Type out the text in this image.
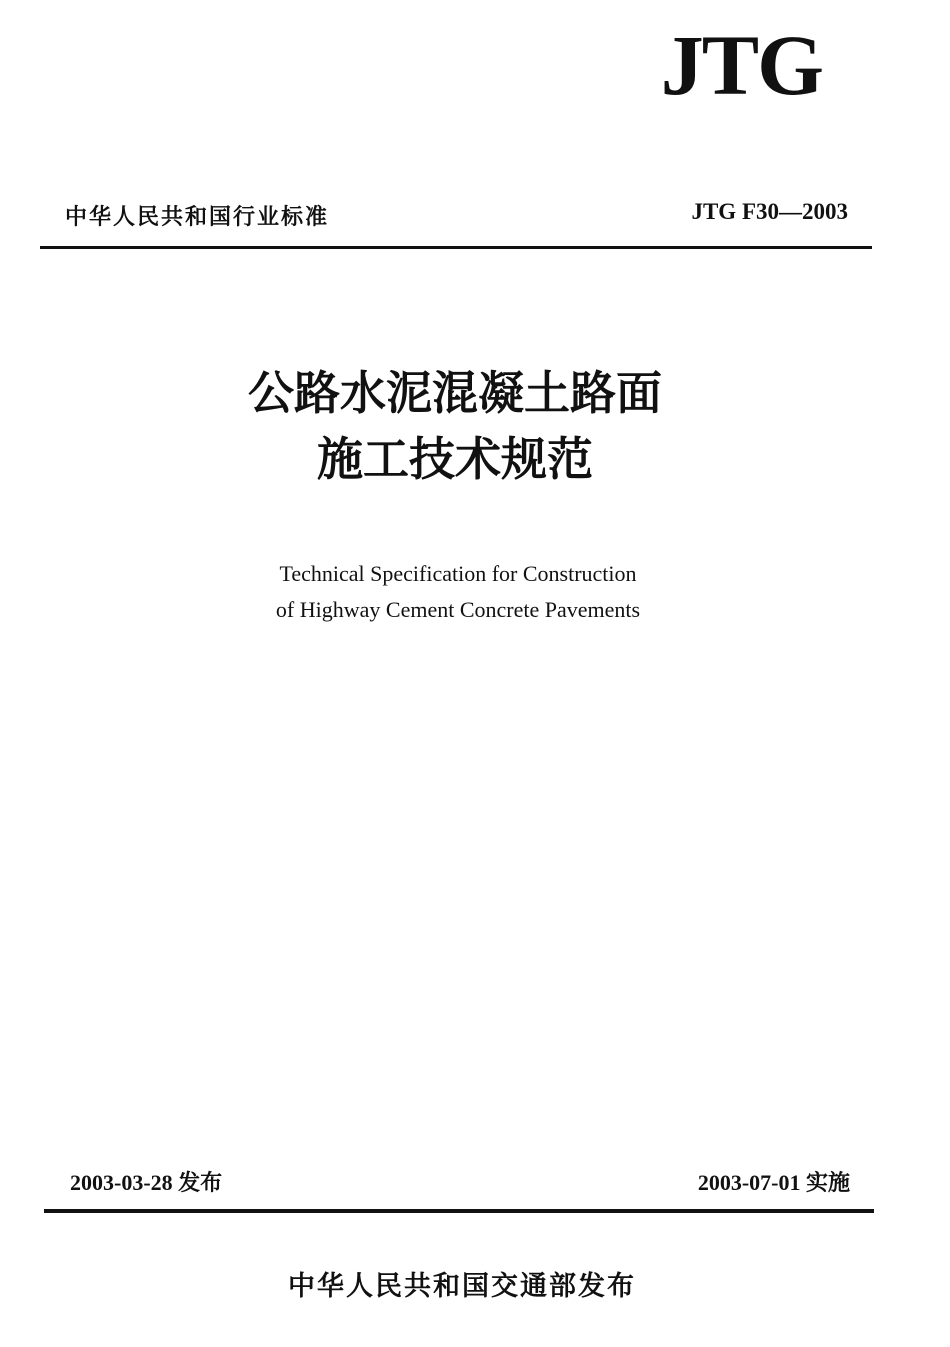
JTG
中华人民共和国行业标准	JTG F30—2003
公路水泥混凝土路面
施工技术规范
Technical Specification for Construction
of Highway Cement Concrete Pavements
2003-03-28 发布	2003-07-01 实施
中华人民共和国交通部发布
